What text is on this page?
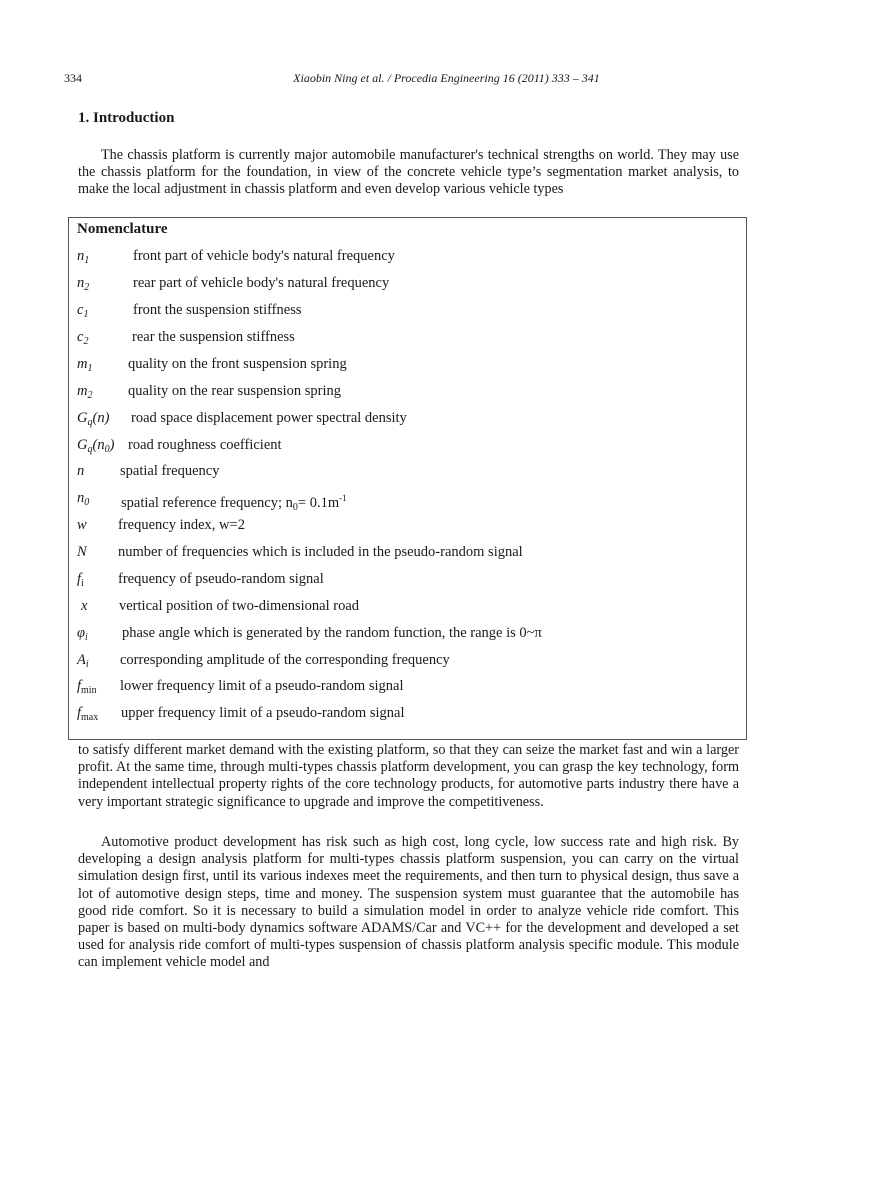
334	Xiaobin Ning et al. / Procedia Engineering 16 (2011) 333 – 341
1. Introduction

The chassis platform is currently major automobile manufacturer's technical strengths on world. They may use the chassis platform for the foundation, in view of the concrete vehicle type’s segmentation market analysis, to make the local adjustment in chassis platform and even develop various vehicle types

Nomenclature
$n_1$	front part of vehicle body's natural frequency
$n_2$	rear part of vehicle body's natural frequency
$c_1$	front the suspension stiffness
$c_2$	rear the suspension stiffness
$m_1$ quality on the front suspension spring
$m_2$ quality on the rear suspension spring
$G_q(n)$ road space displacement power spectral density
$G_q(n_0)$ road roughness coefficient
n spatial frequency
$n_0$ spatial reference frequency; $n_0= 0.1m^{-1}$
w frequency index, w=2
N number of frequencies which is included in the pseudo-random signal
$f_i$ frequency of pseudo-random signal
x vertical position of two-dimensional road
$\varphi_i$ phase angle which is generated by the random function, the range is 0~π
$A_i$ corresponding amplitude of the corresponding frequency
$f_{min}$ lower frequency limit of a pseudo-random signal
$f_{max}$ upper frequency limit of a pseudo-random signal

to satisfy different market demand with the existing platform, so that they can seize the market fast and win a larger profit. At the same time, through multi-types chassis platform development, you can grasp the key technology, form independent intellectual property rights of the core technology products, for automotive parts industry there have a very important strategic significance to upgrade and improve the competitiveness.

Automotive product development has risk such as high cost, long cycle, low success rate and high risk. By developing a design analysis platform for multi-types chassis platform suspension, you can carry on the virtual simulation design first, until its various indexes meet the requirements, and then turn to physical design, thus save a lot of automotive design steps, time and money. The suspension system must guarantee that the automobile has good ride comfort. So it is necessary to build a simulation model in order to analyze vehicle ride comfort. This paper is based on multi-body dynamics software ADAMS/Car and VC++ for the development and developed a set used for analysis ride comfort of multi-types suspension of chassis platform analysis specific module. This module can implement vehicle model and
